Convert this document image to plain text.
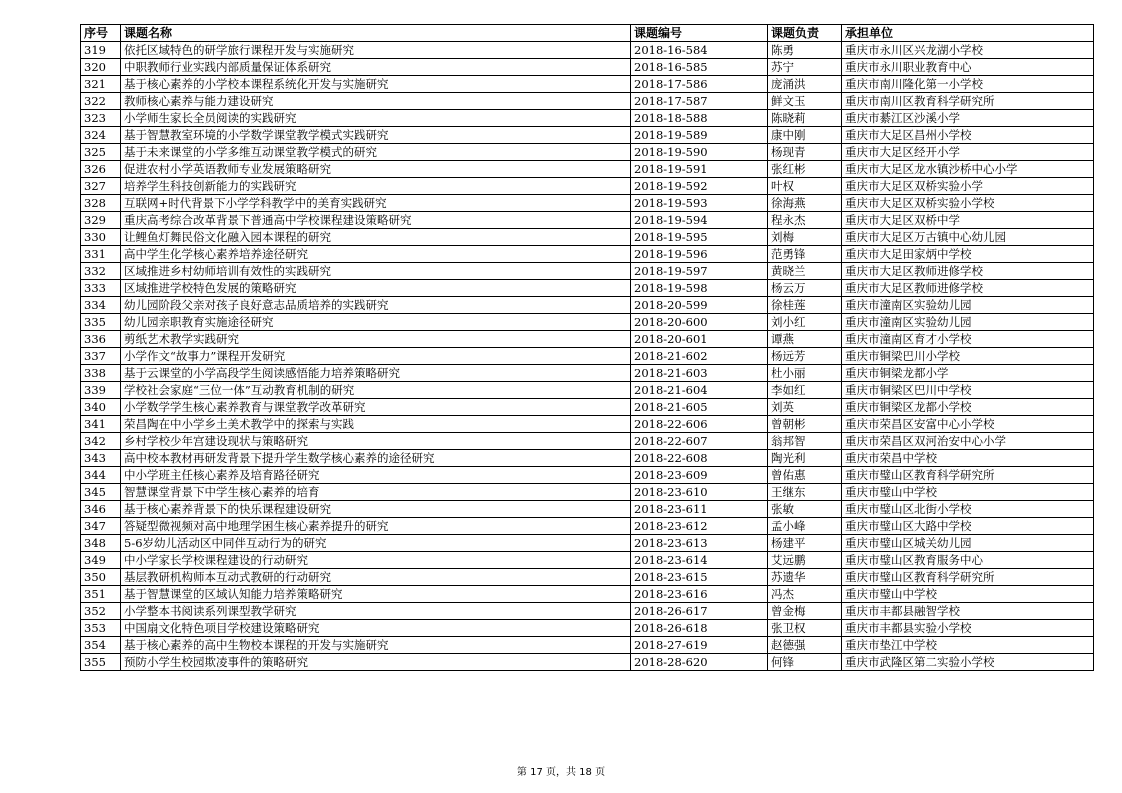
序号	课题名称	课题编号	课题负责	承担单位
319	依托区域特色的研学旅行课程开发与实施研究	2018-16-584	陈勇	重庆市永川区兴龙湖小学校
320	中职教师行业实践内部质量保证体系研究	2018-16-585	苏宁	重庆市永川职业教育中心
321	基于核心素养的小学校本课程系统化开发与实施研究	2018-17-586	庞涌洪	重庆市南川隆化第一小学校
322	教师核心素养与能力建设研究	2018-17-587	鲜文玉	重庆市南川区教育科学研究所
323	小学师生家长全员阅读的实践研究	2018-18-588	陈晓莉	重庆市綦江区沙溪小学
324	基于智慧教室环境的小学数学课堂教学模式实践研究	2018-19-589	康中刚	重庆市大足区昌州小学校
325	基于未来课堂的小学多维互动课堂教学模式的研究	2018-19-590	杨现青	重庆市大足区经开小学
326	促进农村小学英语教师专业发展策略研究	2018-19-591	张红彬	重庆市大足区龙水镇沙桥中心小学
327	培养学生科技创新能力的实践研究	2018-19-592	叶权	重庆市大足区双桥实验小学
328	互联网+时代背景下小学学科教学中的美育实践研究	2018-19-593	徐海燕	重庆市大足区双桥实验小学校
329	重庆高考综合改革背景下普通高中学校课程建设策略研究	2018-19-594	程永杰	重庆市大足区双桥中学
330	让鲤鱼灯舞民俗文化融入园本课程的研究	2018-19-595	刘梅	重庆市大足区万古镇中心幼儿园
331	高中学生化学核心素养培养途径研究	2018-19-596	范勇锋	重庆市大足田家炳中学校
332	区域推进乡村幼师培训有效性的实践研究	2018-19-597	黄晓兰	重庆市大足区教师进修学校
333	区域推进学校特色发展的策略研究	2018-19-598	杨云万	重庆市大足区教师进修学校
334	幼儿园阶段父亲对孩子良好意志品质培养的实践研究	2018-20-599	徐桂莲	重庆市潼南区实验幼儿园
335	幼儿园亲职教育实施途径研究	2018-20-600	刘小红	重庆市潼南区实验幼儿园
336	剪纸艺术教学实践研究	2018-20-601	谭燕	重庆市潼南区育才小学校
337	小学作文“故事力”课程开发研究	2018-21-602	杨远芳	重庆市铜梁巴川小学校
338	基于云课堂的小学高段学生阅读感悟能力培养策略研究	2018-21-603	杜小丽	重庆市铜梁龙都小学
339	学校社会家庭“三位一体”互动教育机制的研究	2018-21-604	李如红	重庆市铜梁区巴川中学校
340	小学数学学生核心素养教育与课堂教学改革研究	2018-21-605	刘英	重庆市铜梁区龙都小学校
341	荣昌陶在中小学乡土美术教学中的探索与实践	2018-22-606	曾朝彬	重庆市荣昌区安富中心小学校
342	乡村学校少年宫建设现状与策略研究	2018-22-607	翁邦智	重庆市荣昌区双河治安中心小学
343	高中校本教材再研发背景下提升学生数学核心素养的途径研究	2018-22-608	陶光利	重庆市荣昌中学校
344	中小学班主任核心素养及培育路径研究	2018-23-609	曾佑惠	重庆市璧山区教育科学研究所
345	智慧课堂背景下中学生核心素养的培育	2018-23-610	王继东	重庆市璧山中学校
346	基于核心素养背景下的快乐课程建设研究	2018-23-611	张敏	重庆市璧山区北街小学校
347	答疑型微视频对高中地理学困生核心素养提升的研究	2018-23-612	孟小峰	重庆市璧山区大路中学校
348	5-6岁幼儿活动区中同伴互动行为的研究	2018-23-613	杨建平	重庆市璧山区城关幼儿园
349	中小学家长学校课程建设的行动研究	2018-23-614	艾远鹏	重庆市璧山区教育服务中心
350	基层教研机构师本互动式教研的行动研究	2018-23-615	苏遗华	重庆市璧山区教育科学研究所
351	基于智慧课堂的区域认知能力培养策略研究	2018-23-616	冯杰	重庆市璧山中学校
352	小学整本书阅读系列课型教学研究	2018-26-617	曾金梅	重庆市丰都县融智学校
353	中国扇文化特色项目学校建设策略研究	2018-26-618	张卫权	重庆市丰都县实验小学校
354	基于核心素养的高中生物校本课程的开发与实施研究	2018-27-619	赵德强	重庆市垫江中学校
355	预防小学生校园欺凌事件的策略研究	2018-28-620	何锋	重庆市武隆区第二实验小学校
第 17 页，共 18 页
